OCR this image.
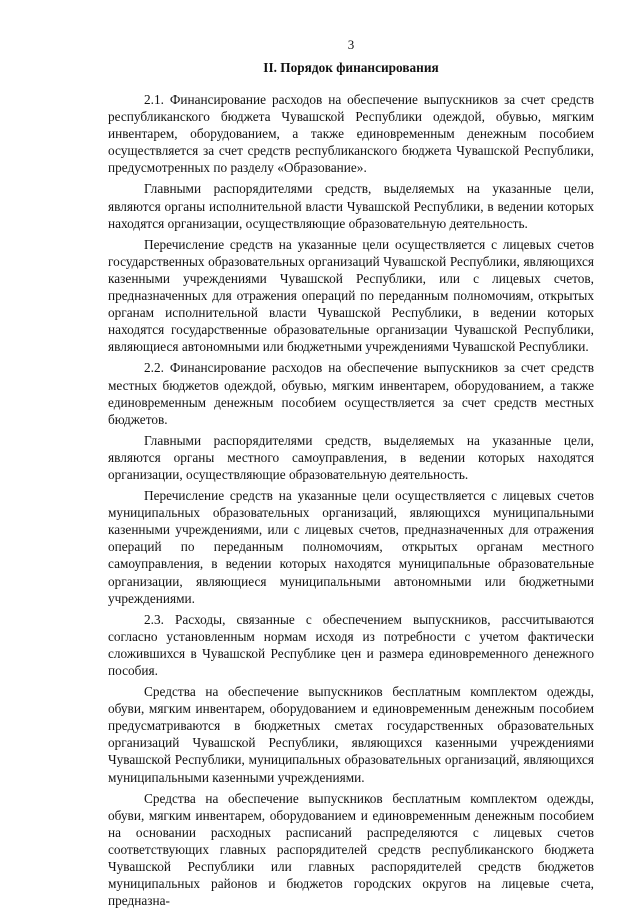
3
II. Порядок финансирования

2.1. Финансирование расходов на обеспечение выпускников за счет средств республиканского бюджета Чувашской Республики одеждой, обувью, мягким инвентарем, оборудованием, а также единовременным денежным пособием осуществляется за счет средств республиканского бюджета Чувашской Республики, предусмотренных по разделу «Образование».

Главными распорядителями средств, выделяемых на указанные цели, являются органы исполнительной власти Чувашской Республики, в ведении которых находятся организации, осуществляющие образовательную деятельность.

Перечисление средств на указанные цели осуществляется с лицевых счетов государственных образовательных организаций Чувашской Республики, являющихся казенными учреждениями Чувашской Республики, или с лицевых счетов, предназначенных для отражения операций по переданным полномочиям, открытых органам исполнительной власти Чувашской Республики, в ведении которых находятся государственные образовательные организации Чувашской Республики, являющиеся автономными или бюджетными учреждениями Чувашской Республики.

2.2. Финансирование расходов на обеспечение выпускников за счет средств местных бюджетов одеждой, обувью, мягким инвентарем, оборудованием, а также единовременным денежным пособием осуществляется за счет средств местных бюджетов.

Главными распорядителями средств, выделяемых на указанные цели, являются органы местного самоуправления, в ведении которых находятся организации, осуществляющие образовательную деятельность.

Перечисление средств на указанные цели осуществляется с лицевых счетов муниципальных образовательных организаций, являющихся муниципальными казенными учреждениями, или с лицевых счетов, предназначенных для отражения операций по переданным полномочиям, открытых органам местного самоуправления, в ведении которых находятся муниципальные образовательные организации, являющиеся муниципальными автономными или бюджетными учреждениями.

2.3. Расходы, связанные с обеспечением выпускников, рассчитываются согласно установленным нормам исходя из потребности с учетом фактически сложившихся в Чувашской Республике цен и размера единовременного денежного пособия.

Средства на обеспечение выпускников бесплатным комплектом одежды, обуви, мягким инвентарем, оборудованием и единовременным денежным пособием предусматриваются в бюджетных сметах государственных образовательных организаций Чувашской Республики, являющихся казенными учреждениями Чувашской Республики, муниципальных образовательных организаций, являющихся муниципальными казенными учреждениями.

Средства на обеспечение выпускников бесплатным комплектом одежды, обуви, мягким инвентарем, оборудованием и единовременным денежным пособием на основании расходных расписаний распределяются с лицевых счетов соответствующих главных распорядителей средств республиканского бюджета Чувашской Республики или главных распорядителей средств бюджетов муниципальных районов и бюджетов городских округов на лицевые счета, предназна-
